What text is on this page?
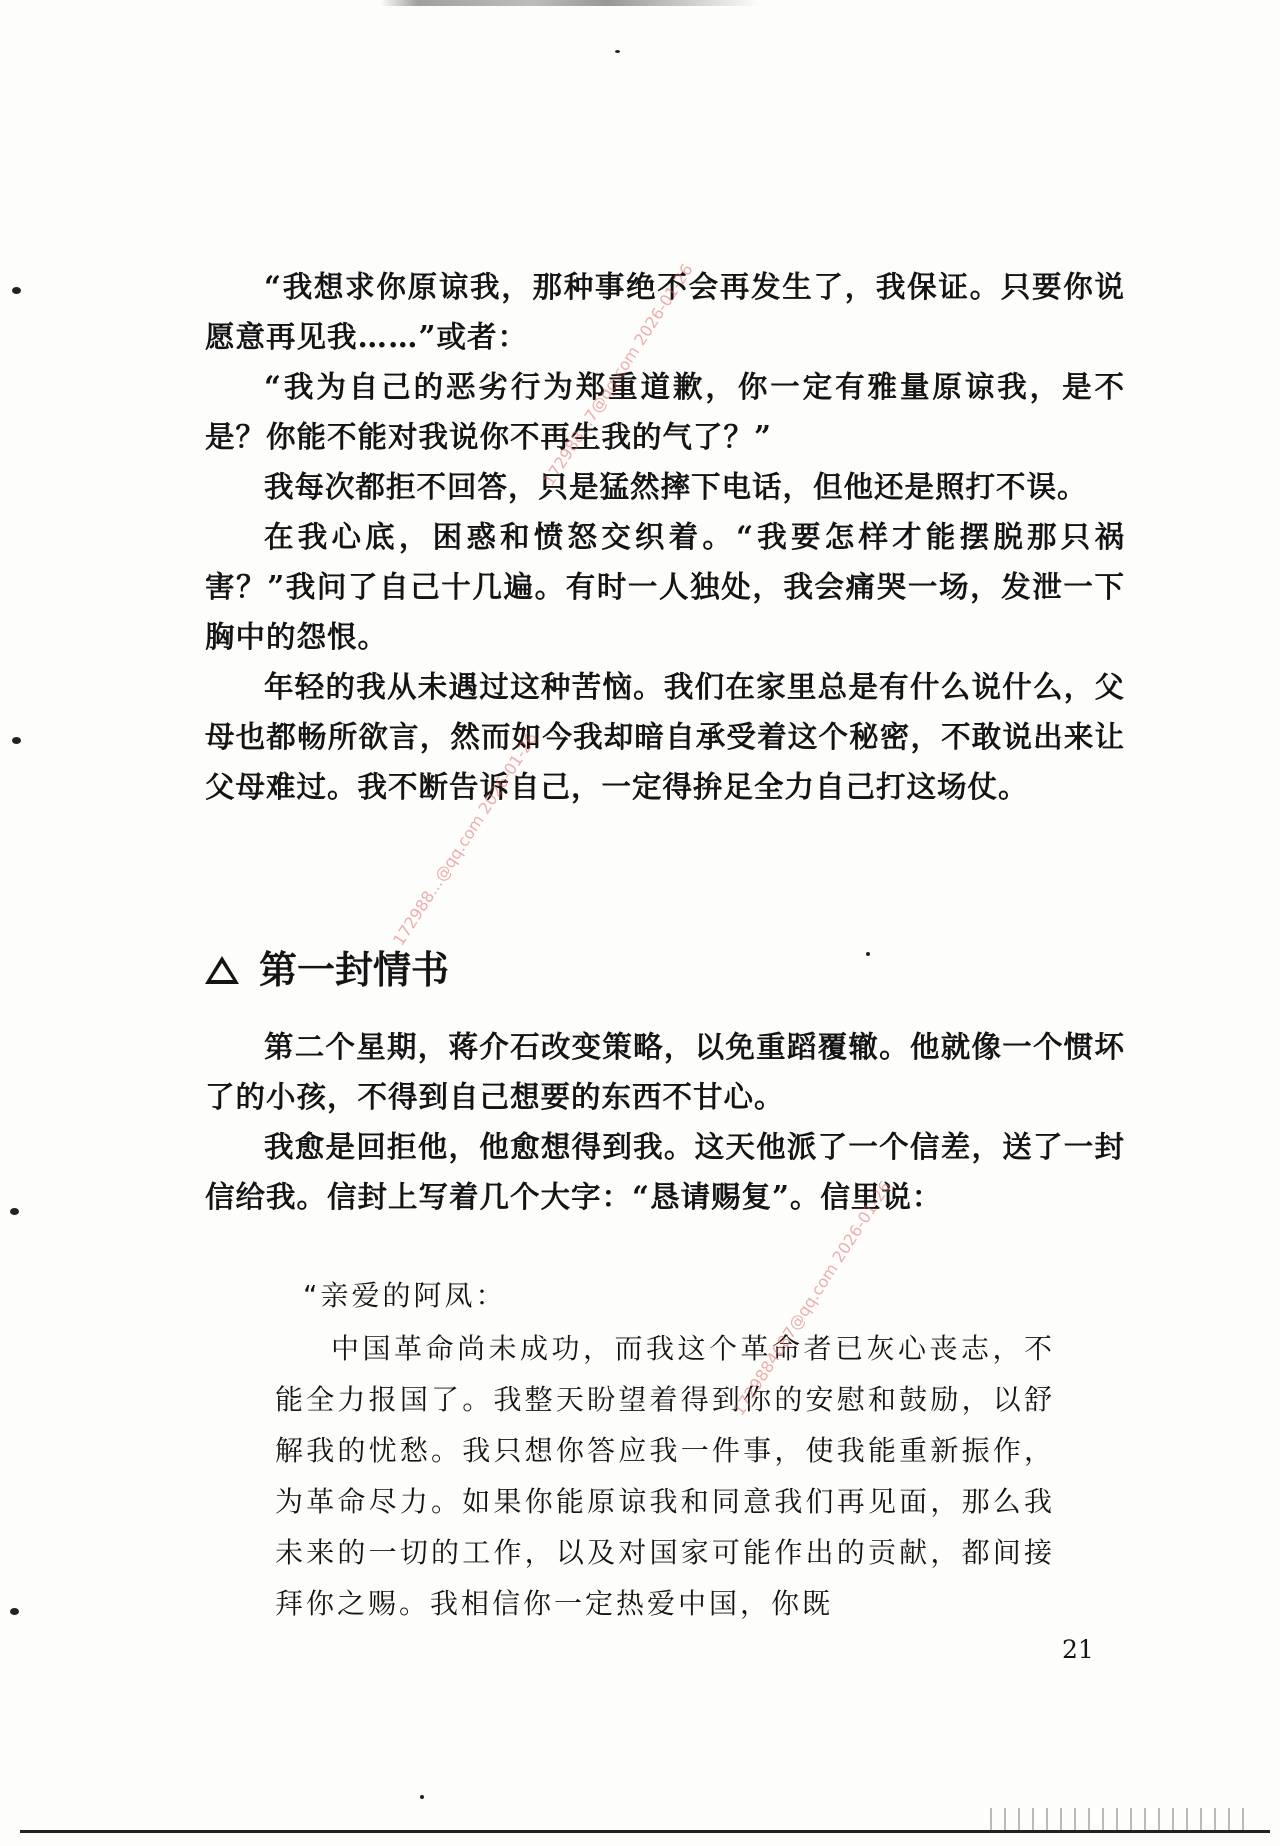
“我想求你原谅我，那种事绝不会再发生了，我保证。只要你说愿意再见我……”或者：

“我为自己的恶劣行为郑重道歉，你一定有雅量原谅我，是不是？你能不能对我说你不再生我的气了？”

我每次都拒不回答，只是猛然摔下电话，但他还是照打不误。

在我心底，困惑和愤怒交织着。“我要怎样才能摆脱那只祸害？”我问了自己十几遍。有时一人独处，我会痛哭一场，发泄一下胸中的怨恨。

年轻的我从未遇过这种苦恼。我们在家里总是有什么说什么，父母也都畅所欲言，然而如今我却暗自承受着这个秘密，不敢说出来让父母难过。我不断告诉自己，一定得拚足全力自己打这场仗。

第一封情书

第二个星期，蒋介石改变策略，以免重蹈覆辙。他就像一个惯坏了的小孩，不得到自己想要的东西不甘心。

我愈是回拒他，他愈想得到我。这天他派了一个信差，送了一封信给我。信封上写着几个大字：“恳请赐复”。信里说：

“亲爱的阿凤：

中国革命尚未成功，而我这个革命者已灰心丧志，不能全力报国了。我整天盼望着得到你的安慰和鼓励，以舒解我的忧愁。我只想你答应我一件事，使我能重新振作，为革命尽力。如果你能原谅我和同意我们再见面，那么我未来的一切的工作，以及对国家可能作出的贡献，都间接拜你之赐。我相信你一定热爱中国，你既

21
172988...7@qq.com 2026-01-26
172988...@qq.com 2026-01-26
1729884687@qq.com 2026-01-26
